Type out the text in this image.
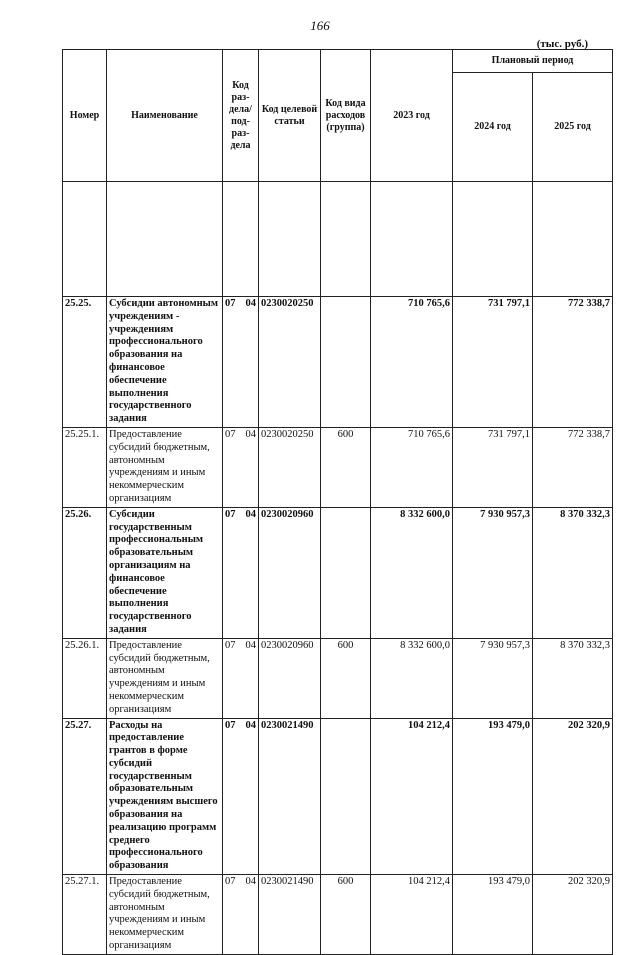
166
(тыс. руб.)
Номер	Наименование	Код раз-дела/ под-раз-дела	Код целевой статьи	Код вида расходов (группа)	2023 год	Плановый период	
						2024 год	2025 год

25.25.	Субсидии автономным учреждениям - учреждениям профессионального образования на финансовое обеспечение выполнения государственного задания	07 04	0230020250		710 765,6	731 797,1	772 338,7
25.25.1.	Предоставление субсидий бюджетным, автономным учреждениям и иным некоммерческим организациям	07 04	0230020250	600	710 765,6	731 797,1	772 338,7
25.26.	Субсидии государственным профессиональным образовательным организациям на финансовое обеспечение выполнения государственного задания	07 04	0230020960		8 332 600,0	7 930 957,3	8 370 332,3
25.26.1.	Предоставление субсидий бюджетным, автономным учреждениям и иным некоммерческим организациям	07 04	0230020960	600	8 332 600,0	7 930 957,3	8 370 332,3
25.27.	Расходы на предоставление грантов в форме субсидий государственным образовательным учреждениям высшего образования на реализацию программ среднего профессионального образования	07 04	0230021490		104 212,4	193 479,0	202 320,9
25.27.1.	Предоставление субсидий бюджетным, автономным учреждениям и иным некоммерческим организациям	07 04	0230021490	600	104 212,4	193 479,0	202 320,9
